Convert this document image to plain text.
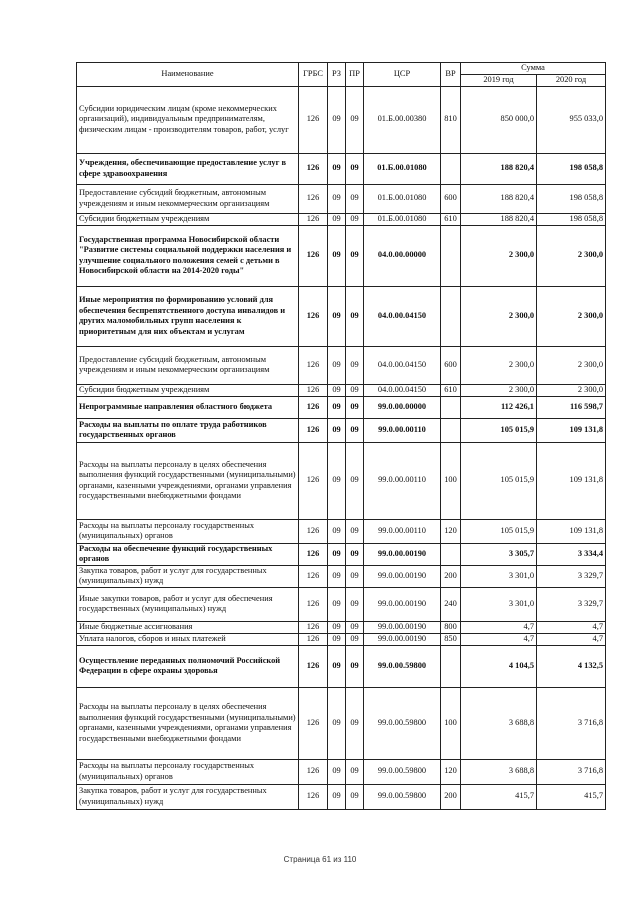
Наименование	ГРБС	РЗ	ПР	ЦСР	ВР	Сумма	
						2019 год	2020 год
Субсидии юридическим лицам (кроме некоммерческих организаций), индивидуальным предпринимателям, физическим лицам - производителям товаров, работ, услуг	126	09	09	01.Б.00.00380	810	850 000,0	955 033,0
Учреждения, обеспечивающие предоставление услуг в сфере здравоохранения	126	09	09	01.Б.00.01080		188 820,4	198 058,8
Предоставление субсидий бюджетным, автономным учреждениям и иным некоммерческим организациям	126	09	09	01.Б.00.01080	600	188 820,4	198 058,8
Субсидии бюджетным учреждениям	126	09	09	01.Б.00.01080	610	188 820,4	198 058,8
Государственная программа Новосибирской области "Развитие системы социальной поддержки населения и улучшение социального положения семей с детьми в Новосибирской области на 2014-2020 годы"	126	09	09	04.0.00.00000		2 300,0	2 300,0
Иные мероприятия по формированию условий для обеспечения беспрепятственного доступа инвалидов и других маломобильных групп населения к приоритетным для них объектам и услугам	126	09	09	04.0.00.04150		2 300,0	2 300,0
Предоставление субсидий бюджетным, автономным учреждениям и иным некоммерческим организациям	126	09	09	04.0.00.04150	600	2 300,0	2 300,0
Субсидии бюджетным учреждениям	126	09	09	04.0.00.04150	610	2 300,0	2 300,0
Непрограммные направления областного бюджета	126	09	09	99.0.00.00000		112 426,1	116 598,7
Расходы на выплаты по оплате труда работников государственных органов	126	09	09	99.0.00.00110		105 015,9	109 131,8
Расходы на выплаты персоналу в целях обеспечения выполнения функций государственными (муниципальными) органами, казенными учреждениями, органами управления государственными внебюджетными фондами	126	09	09	99.0.00.00110	100	105 015,9	109 131,8
Расходы на выплаты персоналу государственных (муниципальных) органов	126	09	09	99.0.00.00110	120	105 015,9	109 131,8
Расходы на обеспечение функций государственных органов	126	09	09	99.0.00.00190		3 305,7	3 334,4
Закупка товаров, работ и услуг для государственных (муниципальных) нужд	126	09	09	99.0.00.00190	200	3 301,0	3 329,7
Иные закупки товаров, работ и услуг для обеспечения государственных (муниципальных) нужд	126	09	09	99.0.00.00190	240	3 301,0	3 329,7
Иные бюджетные ассигнования	126	09	09	99.0.00.00190	800	4,7	4,7
Уплата налогов, сборов и иных платежей	126	09	09	99.0.00.00190	850	4,7	4,7
Осуществление переданных полномочий Российской Федерации в сфере охраны здоровья	126	09	09	99.0.00.59800		4 104,5	4 132,5
Расходы на выплаты персоналу в целях обеспечения выполнения функций государственными (муниципальными) органами, казенными учреждениями, органами управления государственными внебюджетными фондами	126	09	09	99.0.00.59800	100	3 688,8	3 716,8
Расходы на выплаты персоналу государственных (муниципальных) органов	126	09	09	99.0.00.59800	120	3 688,8	3 716,8
Закупка товаров, работ и услуг для государственных (муниципальных) нужд	126	09	09	99.0.00.59800	200	415,7	415,7
Страница 61 из 110
